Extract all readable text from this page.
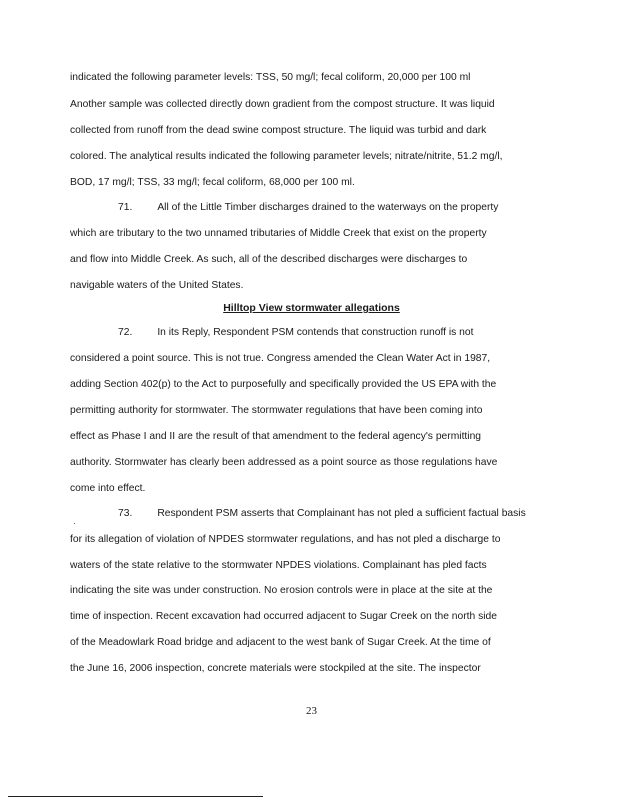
indicated the following parameter levels: TSS, 50 mg/l; fecal coliform, 20,000 per 100 ml
Another sample was collected directly down gradient from the compost structure. It was liquid
collected from runoff from the dead swine compost structure. The liquid was turbid and dark
colored. The analytical results indicated the following parameter levels; nitrate/nitrite, 51.2 mg/l,
BOD, 17 mg/l; TSS, 33 mg/l; fecal coliform, 68,000 per 100 ml.
71. All of the Little Timber discharges drained to the waterways on the property
which are tributary to the two unnamed tributaries of Middle Creek that exist on the property
and flow into Middle Creek. As such, all of the described discharges were discharges to
navigable waters of the United States.
Hilltop View stormwater allegations
72. In its Reply, Respondent PSM contends that construction runoff is not
considered a point source. This is not true. Congress amended the Clean Water Act in 1987,
adding Section 402(p) to the Act to purposefully and specifically provided the US EPA with the
permitting authority for stormwater. The stormwater regulations that have been coming into
effect as Phase I and II are the result of that amendment to the federal agency's permitting
authority. Stormwater has clearly been addressed as a point source as those regulations have
come into effect.
·
73. Respondent PSM asserts that Complainant has not pled a sufficient factual basis
for its allegation of violation of NPDES stormwater regulations, and has not pled a discharge to
waters of the state relative to the stormwater NPDES violations. Complainant has pled facts
indicating the site was under construction. No erosion controls were in place at the site at the
time of inspection. Recent excavation had occurred adjacent to Sugar Creek on the north side
of the Meadowlark Road bridge and adjacent to the west bank of Sugar Creek. At the time of
the June 16, 2006 inspection, concrete materials were stockpiled at the site. The inspector
23
